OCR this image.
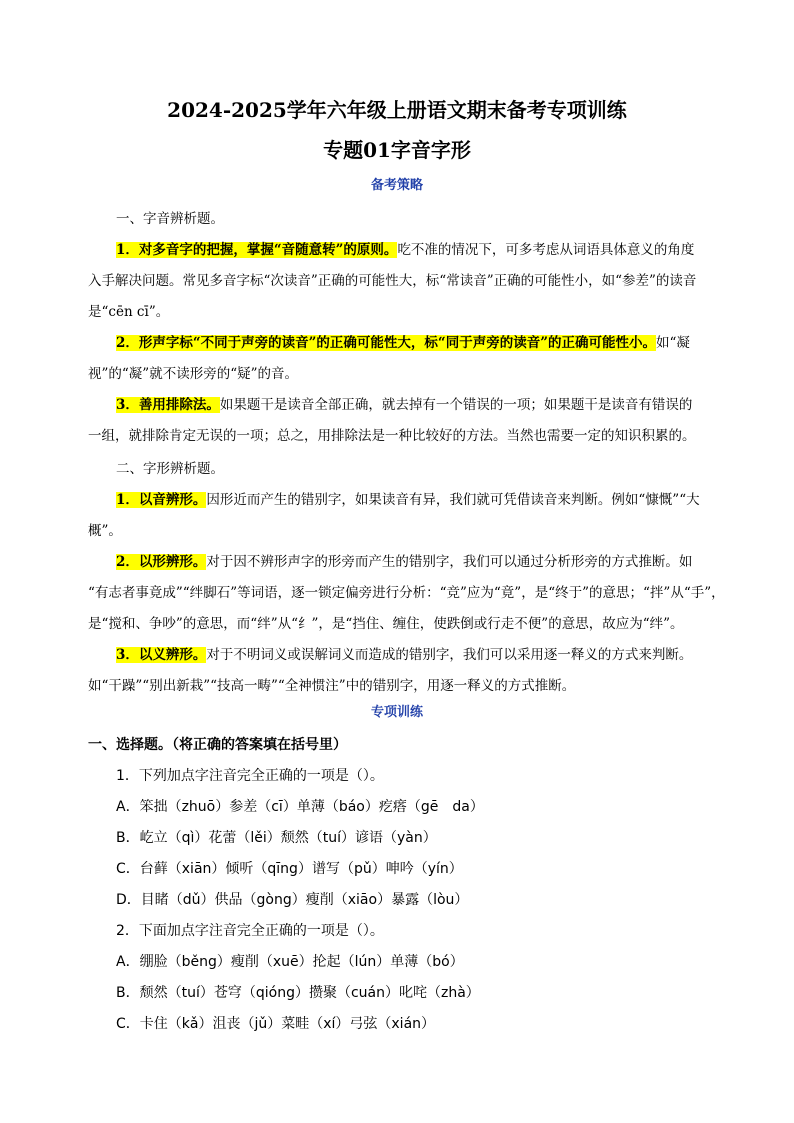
2024-2025学年六年级上册语文期末备考专项训练
专题01字音字形
备考策略
一、字音辨析题。
1．对多音字的把握，掌握“音随意转”的原则。吃不准的情况下，可多考虑从词语具体意义的角度
入手解决问题。常见多音字标“次读音”正确的可能性大，标“常读音”正确的可能性小，如“参差”的读音
是“cēn cī”。
2．形声字标“不同于声旁的读音”的正确可能性大，标“同于声旁的读音”的正确可能性小。如“凝
视”的“凝”就不读形旁的“疑”的音。
3．善用排除法。如果题干是读音全部正确，就去掉有一个错误的一项；如果题干是读音有错误的
一组，就排除肯定无误的一项；总之，用排除法是一种比较好的方法。当然也需要一定的知识积累的。
二、字形辨析题。
1．以音辨形。因形近而产生的错别字，如果读音有异，我们就可凭借读音来判断。例如“慷慨”“大
概”。
2．以形辨形。对于因不辨形声字的形旁而产生的错别字，我们可以通过分析形旁的方式推断。如
“有志者事竟成”“绊脚石”等词语，逐一锁定偏旁进行分析：“竞”应为“竟”，是“终于”的意思；“拌”从“手”，
是“搅和、争吵”的意思，而“绊”从“纟”，是“挡住、缠住，使跌倒或行走不便”的意思，故应为“绊”。
3．以义辨形。对于不明词义或误解词义而造成的错别字，我们可以采用逐一释义的方式来判断。
如“干躁”“别出新栽”“技高一畴”“全神惯注”中的错别字，用逐一释义的方式推断。
专项训练
一、选择题。（将正确的答案填在括号里）
1．下列加点字注音完全正确的一项是（）。
A．笨拙（zhuō）参差（cī）单薄（báo）疙瘩（gē　da）
B．屹立（qì）花蕾（lěi）颓然（tuí）谚语（yàn）
C．台藓（xiān）倾听（qīng）谱写（pǔ）呻吟（yín）
D．目睹（dǔ）供品（gòng）瘦削（xiāo）暴露（lòu）
2．下面加点字注音完全正确的一项是（）。
A．绷脸（běng）瘦削（xuē）抡起（lún）单薄（bó）
B．颓然（tuí）苍穹（qióng）攒聚（cuán）叱咤（zhà）
C．卡住（kǎ）沮丧（jǔ）菜畦（xí）弓弦（xián）
